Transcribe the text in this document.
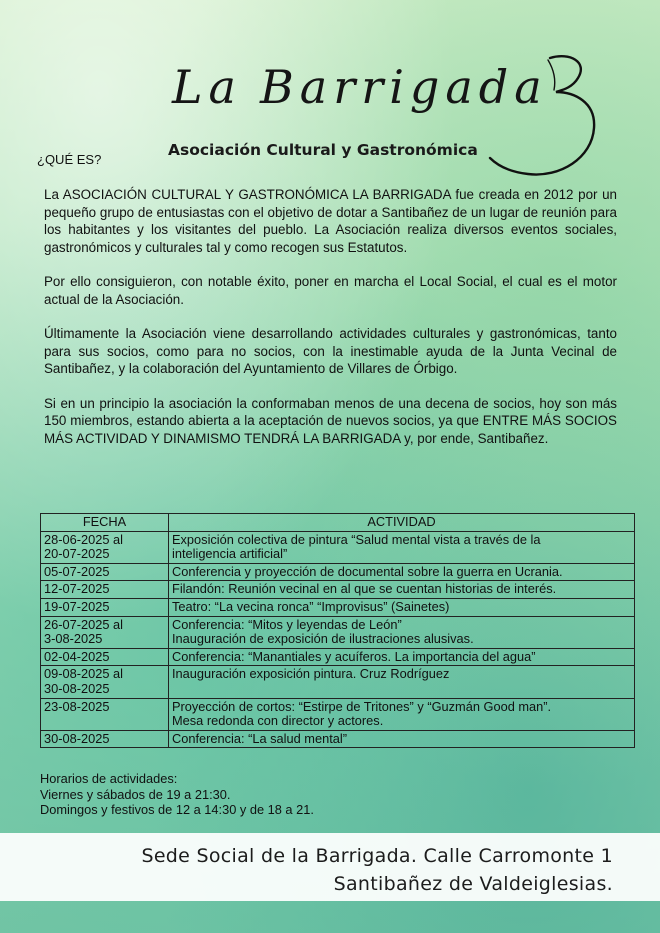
La Barrigada
Asociación Cultural y Gastronómica
¿QUÉ ES?

La ASOCIACIÓN CULTURAL Y GASTRONÓMICA LA BARRIGADA fue creada en 2012 por un pequeño grupo de entusiastas con el objetivo de dotar a Santibañez de un lugar de reunión para los habitantes y los visitantes del pueblo. La Asociación realiza diversos eventos sociales, gastronómicos y culturales tal y como recogen sus Estatutos.

Por ello consiguieron, con notable éxito, poner en marcha el Local Social, el cual es el motor actual de la Asociación.

Últimamente la Asociación viene desarrollando actividades culturales y gastronómicas, tanto para sus socios, como para no socios, con la inestimable ayuda de la Junta Vecinal de Santibañez, y la colaboración del Ayuntamiento de Villares de Órbigo.

Si en un principio la asociación la conformaban menos de una decena de socios, hoy son más 150 miembros, estando abierta a la aceptación de nuevos socios, ya que ENTRE MÁS SOCIOS MÁS ACTIVIDAD Y DINAMISMO TENDRÁ LA BARRIGADA y, por ende, Santibañez.

FECHA	ACTIVIDAD
28-06-2025 al
20-07-2025	Exposición colectiva de pintura “Salud mental vista a través de la
inteligencia artificial”
05-07-2025	Conferencia y proyección de documental sobre la guerra en Ucrania.
12-07-2025	Filandón: Reunión vecinal en al que se cuentan historias de interés.
19-07-2025	Teatro: “La vecina ronca” “Improvisus” (Sainetes)
26-07-2025 al
3-08-2025	Conferencia: “Mitos y leyendas de León”
Inauguración de exposición de ilustraciones alusivas.
02-04-2025	Conferencia: “Manantiales y acuíferos. La importancia del agua”
09-08-2025 al
30-08-2025	Inauguración exposición pintura. Cruz Rodríguez

23-08-2025	Proyección de cortos: “Estirpe de Tritones” y “Guzmán Good man”.
Mesa redonda con director y actores.
30-08-2025	Conferencia: “La salud mental”
Horarios de actividades:
Viernes y sábados de 19 a 21:30.
Domingos y festivos de 12 a 14:30 y de 18 a 21.
Sede Social de la Barrigada. Calle Carromonte 1
Santibañez de Valdeiglesias.
